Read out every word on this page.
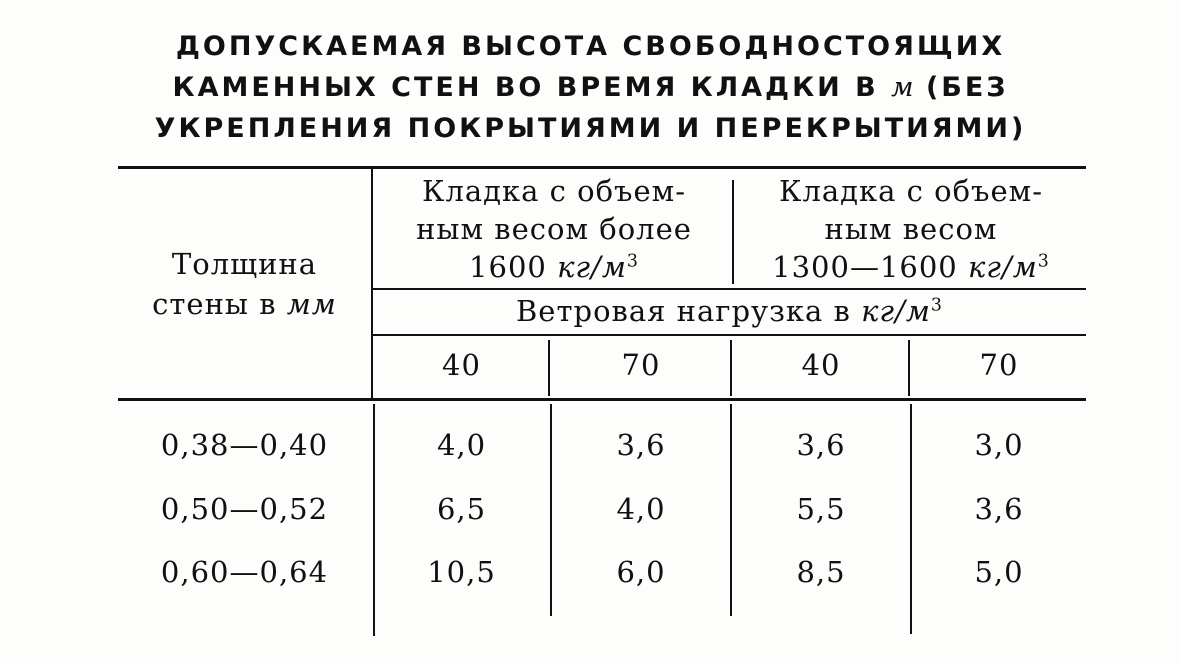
ДОПУСКАЕМАЯ ВЫСОТА СВОБОДНОСТОЯЩИХ
КАМЕННЫХ СТЕН ВО ВРЕМЯ КЛАДКИ В м (БЕЗ
УКРЕПЛЕНИЯ ПОКРЫТИЯМИ И ПЕРЕКРЫТИЯМИ)
Толщина
стены в мм
Кладка с объем-
ным весом более
1600 $кг/м^3$
Кладка с объем-
ным весом
1300—1600 $кг/м^3$
Ветровая нагрузка в $кг/м^3$
40	70	40	70
0,38—0,40	4,0	3,6	3,6	3,0
0,50—0,52	6,5	4,0	5,5	3,6
0,60—0,64	10,5	6,0	8,5	5,0
